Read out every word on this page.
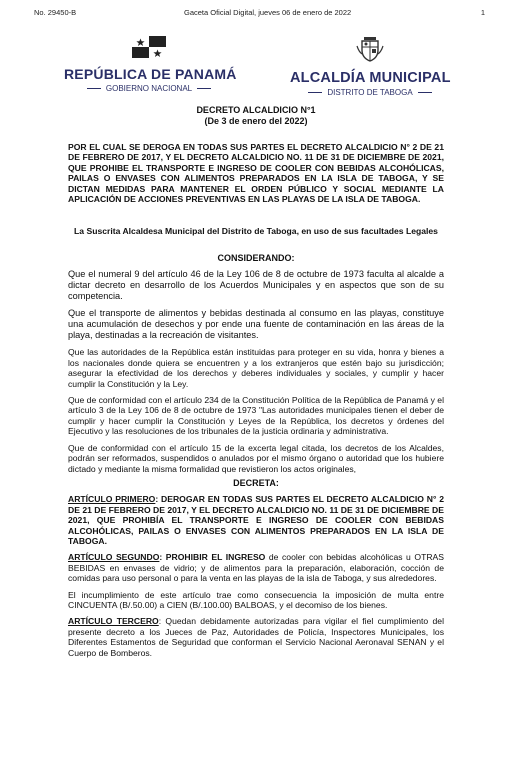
No. 29450-B	Gaceta Oficial Digital, jueves 06 de enero de 2022	1
REPÚBLICA DE PANAMÁ
GOBIERNO NACIONAL
ALCALDÍA MUNICIPAL
DISTRITO DE TABOGA
DECRETO ALCALDICIO N°1
(De 3 de enero del 2022)
POR EL CUAL SE DEROGA EN TODAS SUS PARTES EL DECRETO ALCALDICIO N° 2 DE 21 DE FEBRERO DE 2017, Y EL DECRETO ALCALDICIO NO. 11 DE 31 DE DICIEMBRE DE 2021, QUE PROHIBE EL TRANSPORTE E INGRESO DE COOLER CON BEBIDAS ALCOHÓLICAS, PAILAS O ENVASES CON ALIMENTOS PREPARADOS EN LA ISLA DE TABOGA, Y SE DICTAN MEDIDAS PARA MANTENER EL ORDEN PÚBLICO Y SOCIAL MEDIANTE LA APLICACIÓN DE ACCIONES PREVENTIVAS EN LAS PLAYAS DE LA ISLA DE TABOGA.
La Suscrita Alcaldesa Municipal del Distrito de Taboga, en uso de sus facultades Legales
CONSIDERANDO:
Que el numeral 9 del artículo 46 de la Ley 106 de 8 de octubre de 1973 faculta al alcalde a dictar decreto en desarrollo de los Acuerdos Municipales y en aspectos que son de su competencia.
Que el transporte de alimentos y bebidas destinada al consumo en las playas, constituye una acumulación de desechos y por ende una fuente de contaminación en las áreas de la playa, destinadas a la recreación de visitantes.
Que las autoridades de la República están instituidas para proteger en su vida, honra y bienes a los nacionales donde quiera se encuentren y a los extranjeros que estén bajo su jurisdicción; asegurar la efectividad de los derechos y deberes individuales y sociales, y cumplir y hacer cumplir la Constitución y la Ley.
Que de conformidad con el artículo 234 de la Constitución Política de la República de Panamá y el artículo 3 de la Ley 106 de 8 de octubre de 1973 "Las autoridades municipales tienen el deber de cumplir y hacer cumplir la Constitución y Leyes de la República, los decretos y órdenes del Ejecutivo y las resoluciones de los tribunales de la justicia ordinaria y administrativa.
Que de conformidad con el artículo 15 de la excerta legal citada, los decretos de los Alcaldes, podrán ser reformados, suspendidos o anulados por el mismo órgano o autoridad que los hubiere dictado y mediante la misma formalidad que revistieron los actos originales,
DECRETA:
ARTÍCULO PRIMERO: DEROGAR EN TODAS SUS PARTES EL DECRETO ALCALDICIO N° 2 DE 21 DE FEBRERO DE 2017, Y EL DECRETO ALCALDICIO NO. 11 DE 31 DE DICIEMBRE DE 2021, QUE PROHIBÍA EL TRANSPORTE E INGRESO DE COOLER CON BEBIDAS ALCOHÓLICAS, PAILAS O ENVASES CON ALIMENTOS PREPARADOS EN LA ISLA DE TABOGA.
ARTÍCULO SEGUNDO: PROHIBIR EL INGRESO de cooler con bebidas alcohólicas u OTRAS BEBIDAS en envases de vidrio; y de alimentos para la preparación, elaboración, cocción de comidas para uso personal o para la venta en las playas de la isla de Taboga, y sus alrededores.
El incumplimiento de este artículo trae como consecuencia la imposición de multa entre CINCUENTA (B/.50.00) a CIEN (B/.100.00) BALBOAS, y el decomiso de los bienes.
ARTÍCULO TERCERO: Quedan debidamente autorizadas para vigilar el fiel cumplimiento del presente decreto a los Jueces de Paz, Autoridades de Policía, Inspectores Municipales, los Diferentes Estamentos de Seguridad que conforman el Servicio Nacional Aeronaval SENAN y el Cuerpo de Bomberos.
